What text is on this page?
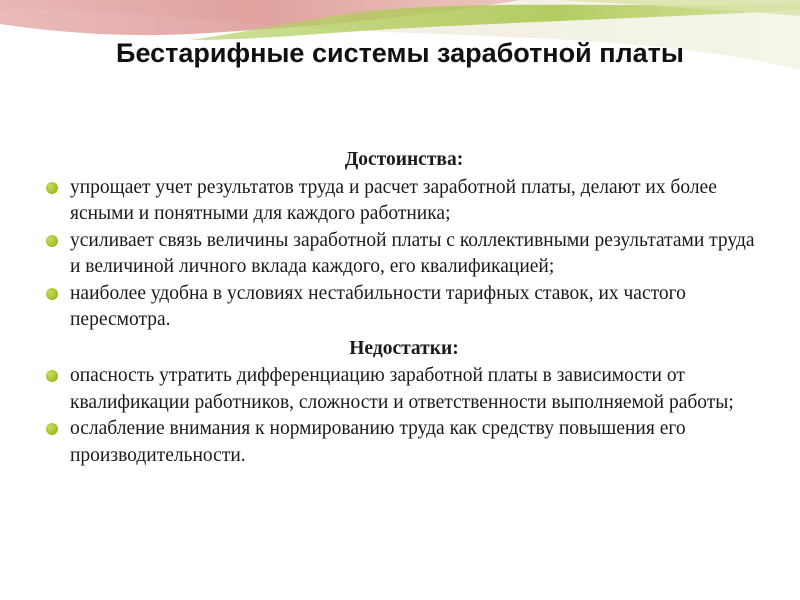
Бестарифные системы заработной платы
Достоинства:
упрощает учет результатов труда и расчет заработной платы, делают их более ясными и понятными для каждого работника;
усиливает связь величины заработной платы с коллективными результатами труда и величиной личного вклада каждого, его квалификацией;
наиболее удобна в условиях нестабильности тарифных ставок, их частого пересмотра.
Недостатки:
опасность утратить дифференциацию заработной платы в зависимости от квалификации работников, сложности и ответственности выполняемой работы;
ослабление внимания к нормированию труда как средству повышения его производительности.
